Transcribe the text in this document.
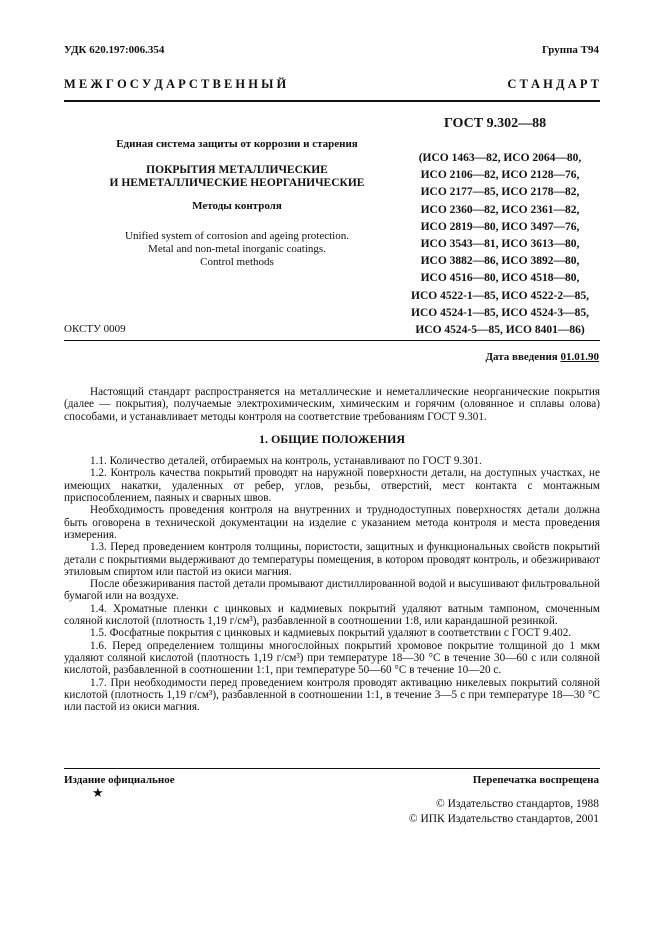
УДК 620.197:006.354	Группа Т94
М Е Ж Г О С У Д А Р С Т В Е Н Н Ы Й	С Т А Н Д А Р Т
Единая система защиты от коррозии и старения
ПОКРЫТИЯ МЕТАЛЛИЧЕСКИЕ
И НЕМЕТАЛЛИЧЕСКИЕ НЕОРГАНИЧЕСКИЕ
Методы контроля
Unified system of corrosion and ageing protection.
Metal and non-metal inorganic coatings.
Control methods
ГОСТ 9.302—88
(ИСО 1463—82, ИСО 2064—80,
ИСО 2106—82, ИСО 2128—76,
ИСО 2177—85, ИСО 2178—82,
ИСО 2360—82, ИСО 2361—82,
ИСО 2819—80, ИСО 3497—76,
ИСО 3543—81, ИСО 3613—80,
ИСО 3882—86, ИСО 3892—80,
ИСО 4516—80, ИСО 4518—80,
ИСО 4522-1—85, ИСО 4522-2—85,
ИСО 4524-1—85, ИСО 4524-3—85,
ИСО 4524-5—85, ИСО 8401—86)
ОКСТУ 0009
Дата введения 01.01.90

Настоящий стандарт распространяется на металлические и неметаллические неорганические покрытия (далее — покрытия), получаемые электрохимическим, химическим и горячим (оловянное и сплавы олова) способами, и устанавливает методы контроля на соответствие требованиям ГОСТ 9.301.

1. ОБЩИЕ ПОЛОЖЕНИЯ

1.1. Количество деталей, отбираемых на контроль, устанавливают по ГОСТ 9.301.

1.2. Контроль качества покрытий проводят на наружной поверхности детали, на доступных участках, не имеющих накатки, удаленных от ребер, углов, резьбы, отверстий, мест контакта с монтажным приспособлением, паяных и сварных швов.

Необходимость проведения контроля на внутренних и труднодоступных поверхностях детали должна быть оговорена в технической документации на изделие с указанием метода контроля и места проведения измерения.

1.3. Перед проведением контроля толщины, пористости, защитных и функциональных свойств покрытий детали с покрытиями выдерживают до температуры помещения, в котором проводят контроль, и обезжиривают этиловым спиртом или пастой из окиси магния.

После обезжиривания пастой детали промывают дистиллированной водой и высушивают фильтровальной бумагой или на воздухе.

1.4. Хроматные пленки с цинковых и кадмиевых покрытий удаляют ватным тампоном, смоченным соляной кислотой (плотность 1,19 г/см³), разбавленной в соотношении 1:8, или карандашной резинкой.

1.5. Фосфатные покрытия с цинковых и кадмиевых покрытий удаляют в соответствии с ГОСТ 9.402.

1.6. Перед определением толщины многослойных покрытий хромовое покрытие толщиной до 1 мкм удаляют соляной кислотой (плотность 1,19 г/см³) при температуре 18—30 °С в течение 30—60 с или соляной кислотой, разбавленной в соотношении 1:1, при температуре 50—60 °С в течение 10—20 с.

1.7. При необходимости перед проведением контроля проводят активацию никелевых покрытий соляной кислотой (плотность 1,19 г/см³), разбавленной в соотношении 1:1, в течение 3—5 с при температуре 18—30 °С или пастой из окиси магния.

Издание официальное	Перепечатка воспрещена
★
© Издательство стандартов, 1988
© ИПК Издательство стандартов, 2001
